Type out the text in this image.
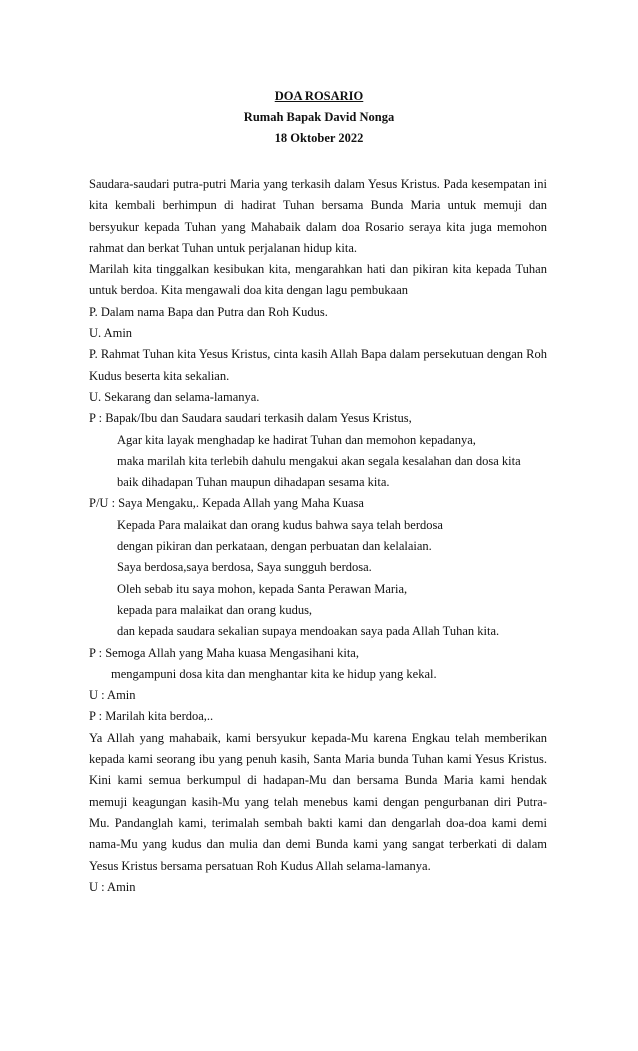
DOA ROSARIO
Rumah Bapak David Nonga
18 Oktober 2022

Saudara-saudari putra-putri Maria yang terkasih dalam Yesus Kristus. Pada kesempatan ini kita kembali berhimpun di hadirat Tuhan bersama Bunda Maria untuk memuji dan bersyukur kepada Tuhan yang Mahabaik dalam doa Rosario seraya kita juga memohon rahmat dan berkat Tuhan untuk perjalanan hidup kita.

Marilah kita tinggalkan kesibukan kita, mengarahkan hati dan pikiran kita kepada Tuhan untuk berdoa. Kita mengawali doa kita dengan lagu pembukaan

P. Dalam nama Bapa dan Putra dan Roh Kudus.

U. Amin

P. Rahmat Tuhan kita Yesus Kristus, cinta kasih Allah Bapa dalam persekutuan dengan Roh Kudus beserta kita sekalian.

U. Sekarang dan selama-lamanya.

P : Bapak/Ibu dan Saudara saudari terkasih dalam Yesus Kristus,

Agar kita layak menghadap ke hadirat Tuhan dan memohon kepadanya,

maka marilah kita terlebih dahulu mengakui akan segala kesalahan dan dosa kita

baik dihadapan Tuhan maupun dihadapan sesama kita.

P/U : Saya Mengaku,. Kepada Allah yang Maha Kuasa

Kepada Para malaikat dan orang kudus bahwa saya telah berdosa

dengan pikiran dan perkataan, dengan perbuatan dan kelalaian.

Saya berdosa,saya berdosa, Saya sungguh berdosa.

Oleh sebab itu saya mohon, kepada Santa Perawan Maria,

kepada para malaikat dan orang kudus,

dan kepada saudara sekalian supaya mendoakan saya pada Allah Tuhan kita.

P : Semoga Allah yang Maha kuasa Mengasihani kita,

mengampuni dosa kita dan menghantar kita ke hidup yang kekal.

U : Amin

P : Marilah kita berdoa,..

Ya Allah yang mahabaik, kami bersyukur kepada-Mu karena Engkau telah memberikan kepada kami seorang ibu yang penuh kasih, Santa Maria bunda Tuhan kami Yesus Kristus. Kini kami semua berkumpul di hadapan-Mu dan bersama Bunda Maria kami hendak memuji keagungan kasih-Mu yang telah menebus kami dengan pengurbanan diri Putra-Mu. Pandanglah kami, terimalah sembah bakti kami dan dengarlah doa-doa kami demi nama-Mu yang kudus dan mulia dan demi Bunda kami yang sangat terberkati di dalam Yesus Kristus bersama persatuan Roh Kudus Allah selama-lamanya.

U : Amin
